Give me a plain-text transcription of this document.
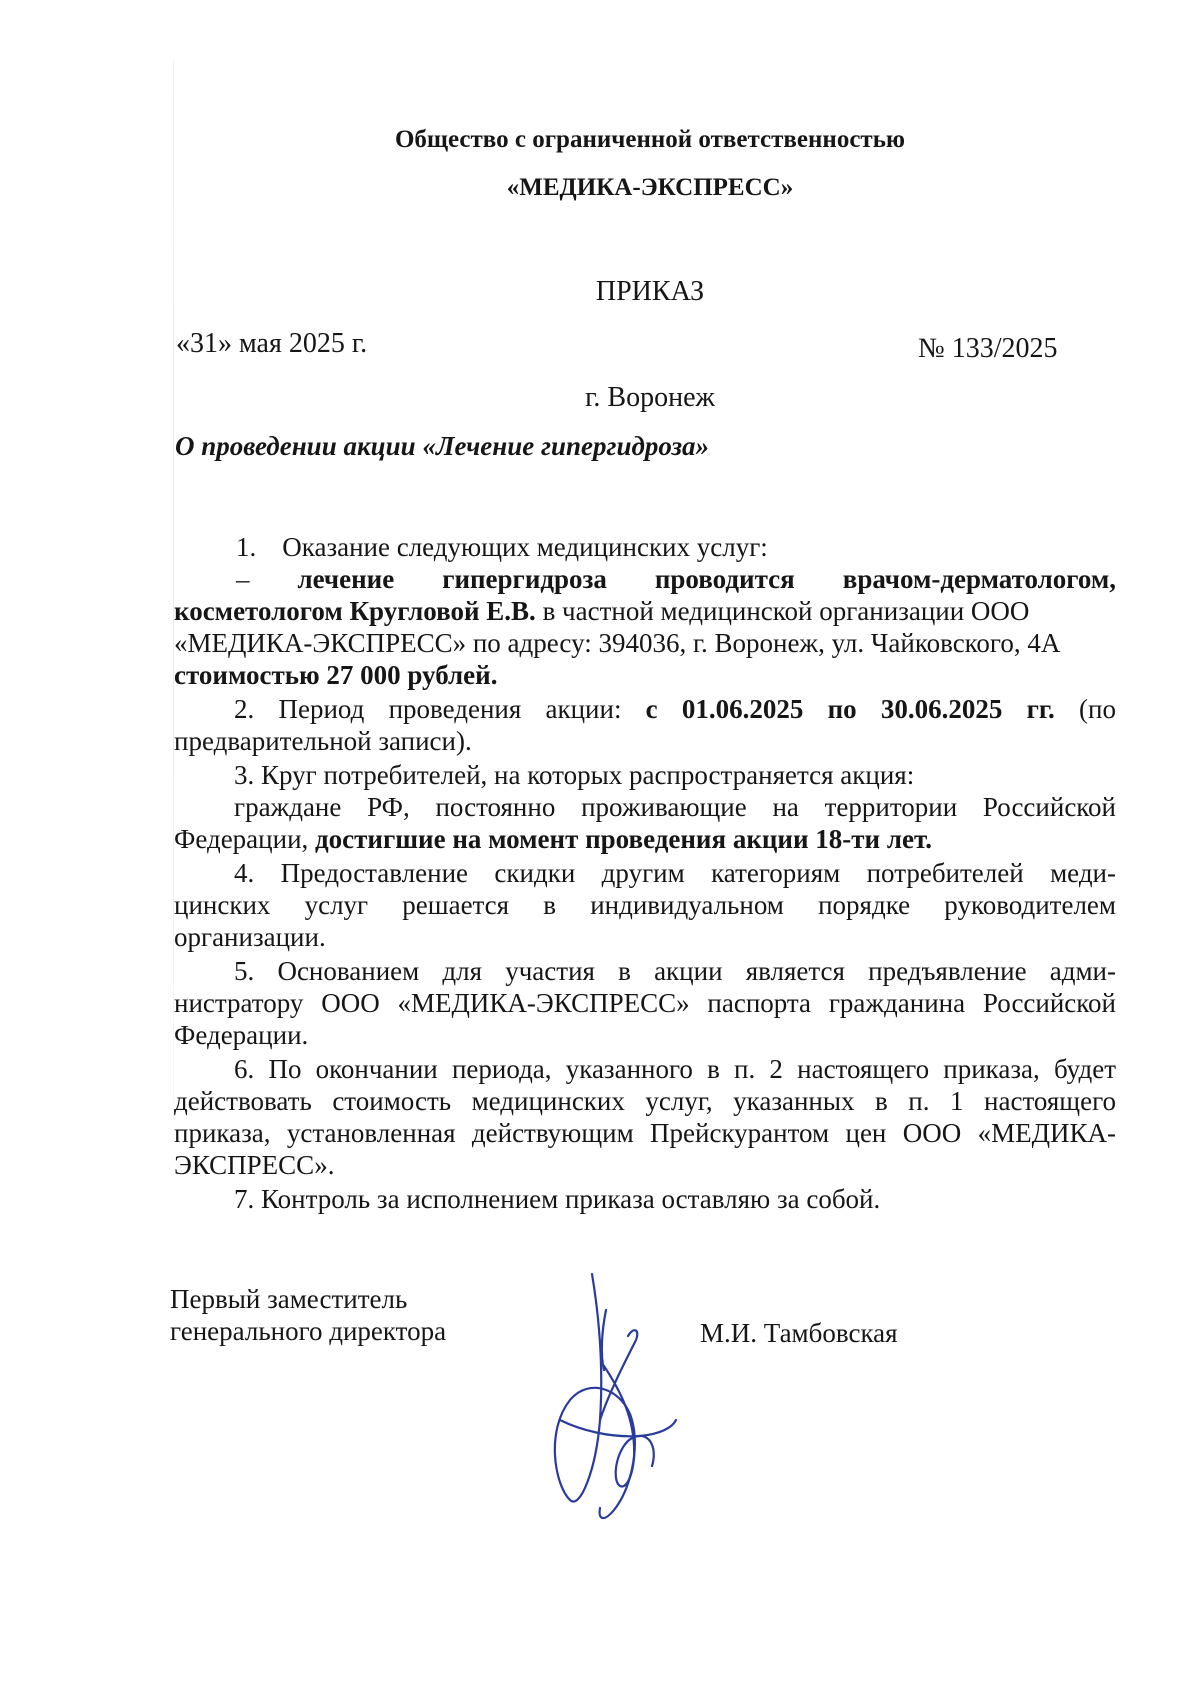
Общество с ограниченной ответственностью
«МЕДИКА-ЭКСПРЕСС»
ПРИКАЗ
«31» мая 2025 г.	№ 133/2025
г. Воронеж
О проведении акции «Лечение гипергидроза»
1. Оказание следующих медицинских услуг:
– лечение гипергидроза проводится врачом-дерматологом,
косметологом Кругловой Е.В. в частной медицинской организации ООО
«МЕДИКА-ЭКСПРЕСС» по адресу: 394036, г. Воронеж, ул. Чайковского, 4А
стоимостью 27 000 рублей.
2. Период проведения акции: с 01.06.2025 по 30.06.2025 гг. (по
предварительной записи).
3. Круг потребителей, на которых распространяется акция:
граждане РФ, постоянно проживающие на территории Российской
Федерации, достигшие на момент проведения акции 18-ти лет.
4. Предоставление скидки другим категориям потребителей меди-
цинских услуг решается в индивидуальном порядке руководителем
организации.
5. Основанием для участия в акции является предъявление адми-
нистратору ООО «МЕДИКА-ЭКСПРЕСС» паспорта гражданина Российской
Федерации.
6. По окончании периода, указанного в п. 2 настоящего приказа, будет
действовать стоимость медицинских услуг, указанных в п. 1 настоящего
приказа, установленная действующим Прейскурантом цен ООО «МЕДИКА-
ЭКСПРЕСС».
7. Контроль за исполнением приказа оставляю за собой.
Первый заместитель
генерального директора	М.И. Тамбовская
